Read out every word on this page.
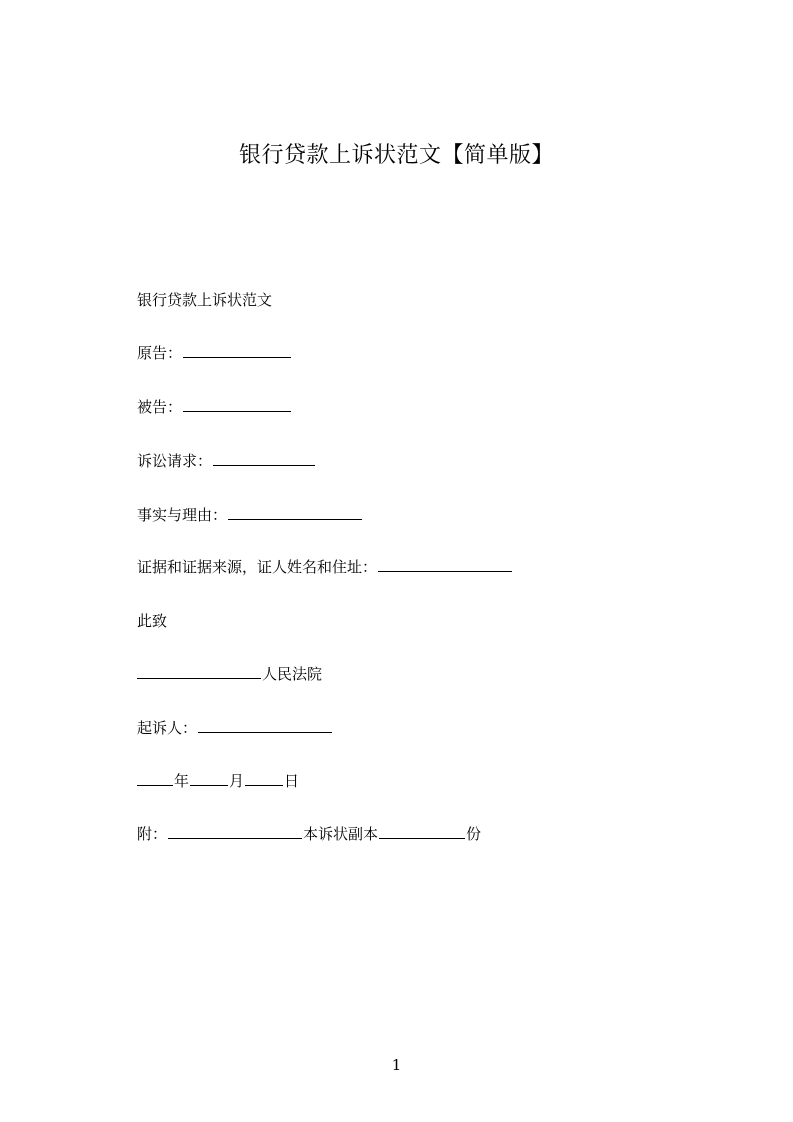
银行贷款上诉状范文【简单版】
银行贷款上诉状范文
原告：
被告：
诉讼请求：
事实与理由：
证据和证据来源，证人姓名和住址：
此致
人民法院
起诉人：
年	月	日
附：	本诉状副本	份
1
